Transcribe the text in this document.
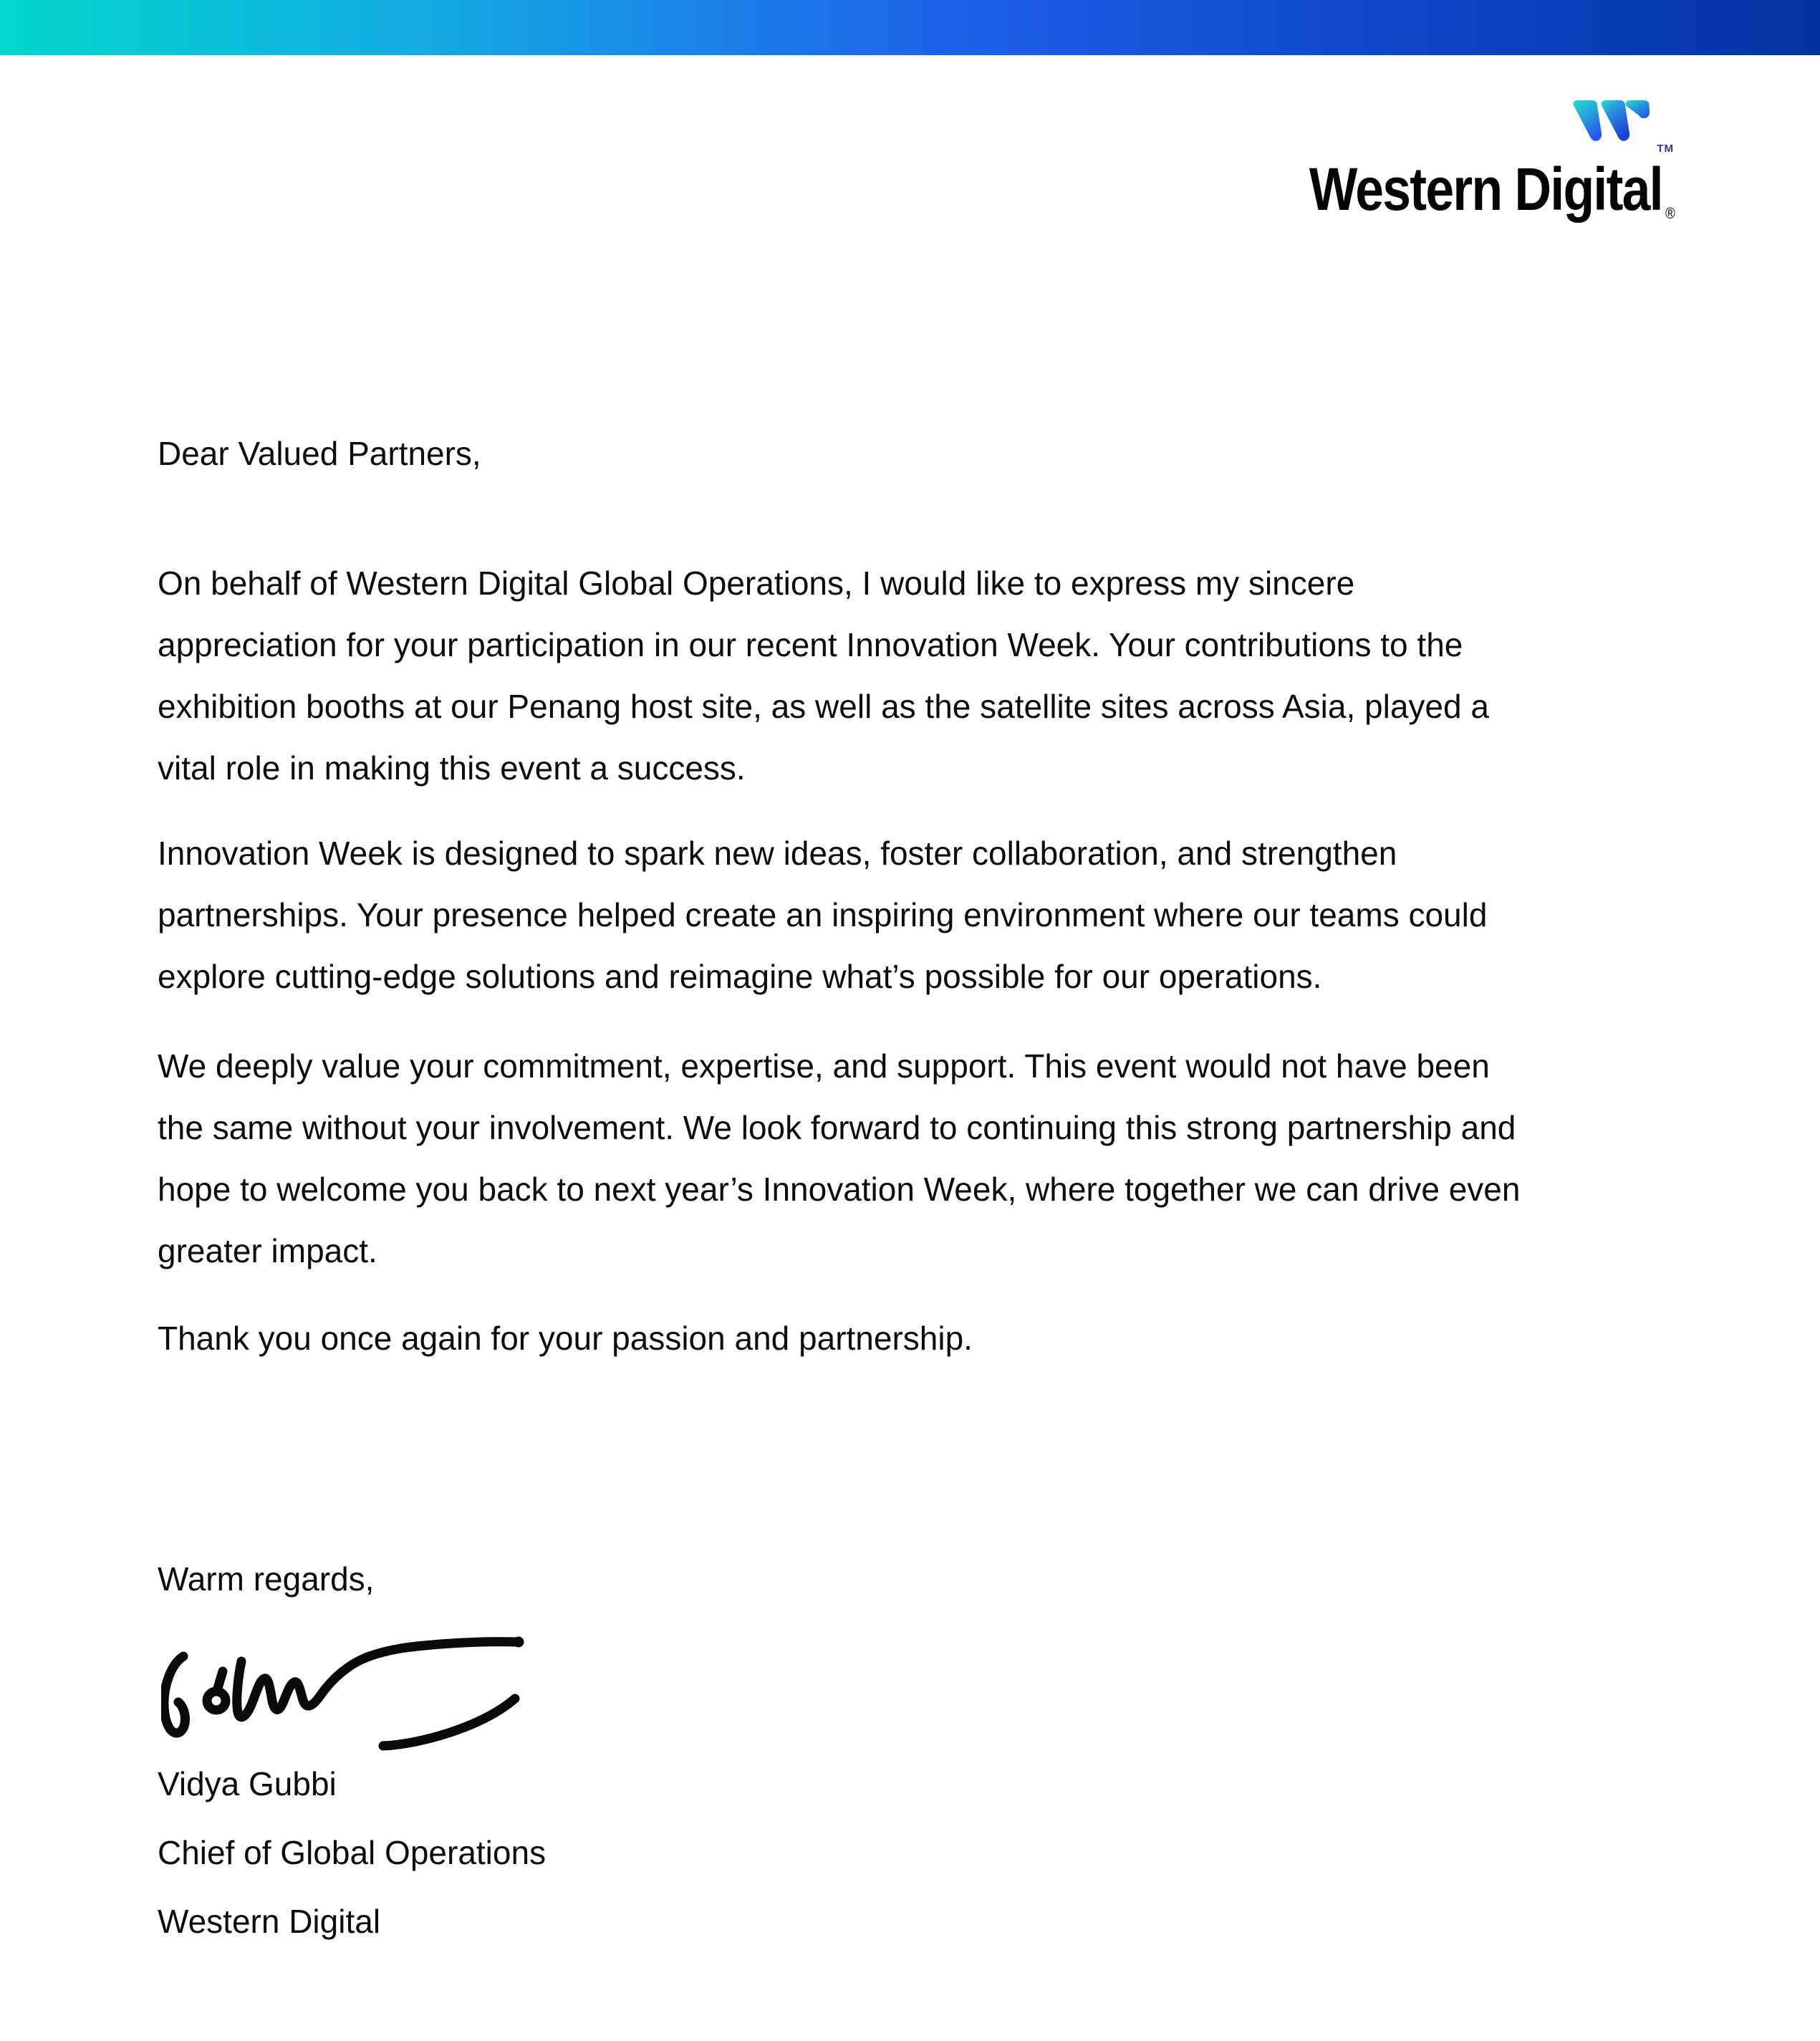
TM
Western Digital ®
Dear Valued Partners,
On behalf of Western Digital Global Operations, I would like to express my sincere
appreciation for your participation in our recent Innovation Week. Your contributions to the
exhibition booths at our Penang host site, as well as the satellite sites across Asia, played a
vital role in making this event a success.
Innovation Week is designed to spark new ideas, foster collaboration, and strengthen
partnerships. Your presence helped create an inspiring environment where our teams could
explore cutting-edge solutions and reimagine what’s possible for our operations.
We deeply value your commitment, expertise, and support. This event would not have been
the same without your involvement. We look forward to continuing this strong partnership and
hope to welcome you back to next year’s Innovation Week, where together we can drive even
greater impact.
Thank you once again for your passion and partnership.
Warm regards,
Vidya Gubbi
Chief of Global Operations
Western Digital
